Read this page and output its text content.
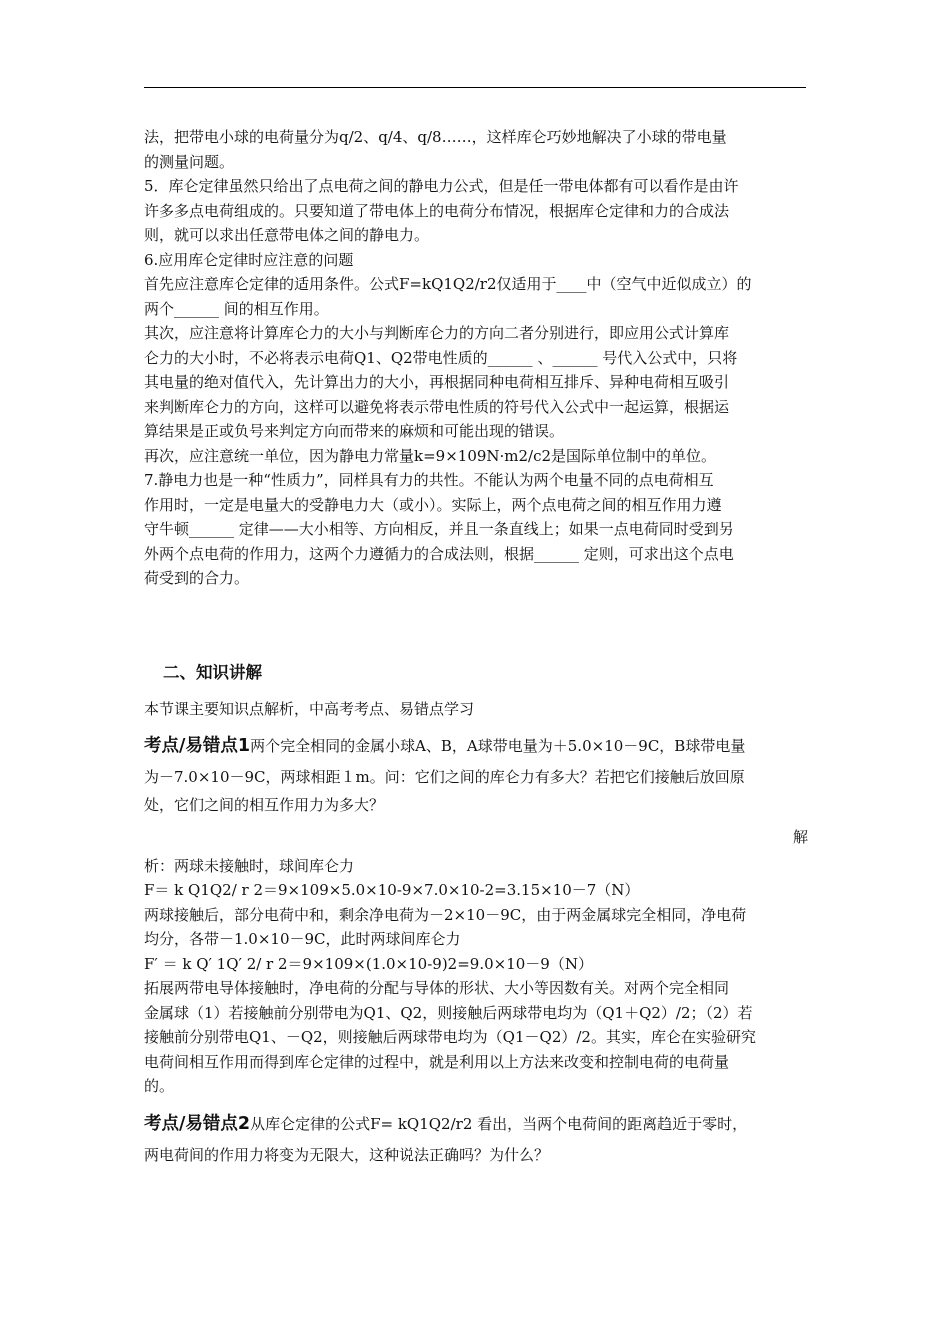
法，把带电小球的电荷量分为q/2、q/4、q/8……，这样库仑巧妙地解决了小球的带电量

的测量问题。

5．库仑定律虽然只给出了点电荷之间的静电力公式，但是任一带电体都有可以看作是由许

许多多点电荷组成的。只要知道了带电体上的电荷分布情况，根据库仑定律和力的合成法

则，就可以求出任意带电体之间的静电力。

6.应用库仑定律时应注意的问题

首先应注意库仑定律的适用条件。公式F=kQ1Q2/r2仅适用于____中（空气中近似成立）的

两个______ 间的相互作用。

其次，应注意将计算库仑力的大小与判断库仑力的方向二者分别进行，即应用公式计算库

仑力的大小时，不必将表示电荷Q1、Q2带电性质的______ 、______ 号代入公式中，只将

其电量的绝对值代入，先计算出力的大小，再根据同种电荷相互排斥、异种电荷相互吸引

来判断库仑力的方向，这样可以避免将表示带电性质的符号代入公式中一起运算，根据运

算结果是正或负号来判定方向而带来的麻烦和可能出现的错误。

再次，应注意统一单位，因为静电力常量k=9×109N·m2/c2是国际单位制中的单位。

7.静电力也是一种“性质力”，同样具有力的共性。不能认为两个电量不同的点电荷相互

作用时，一定是电量大的受静电力大（或小）。实际上，两个点电荷之间的相互作用力遵

守牛顿______ 定律——大小相等、方向相反，并且一条直线上；如果一点电荷同时受到另

外两个点电荷的作用力，这两个力遵循力的合成法则，根据______ 定则，可求出这个点电

荷受到的合力。

二、知识讲解

本节课主要知识点解析，中高考考点、易错点学习

考点/易错点1两个完全相同的金属小球A、B，A球带电量为＋5.0×10－9C，B球带电量

为－7.0×10－9C，两球相距１m。问：它们之间的库仑力有多大？若把它们接触后放回原

处，它们之间的相互作用力为多大？

解

析：两球未接触时，球间库仑力

F＝ k Q1Q2/ r 2＝9×109×5.0×10-9×7.0×10-2=3.15×10－7（N）

两球接触后，部分电荷中和，剩余净电荷为－2×10－9C，由于两金属球完全相同，净电荷

均分，各带－1.0×10－9C，此时两球间库仑力

F′ ＝ k Q′ 1Q′ 2/ r 2＝9×109×(1.0×10-9)2=9.0×10－9（N）

拓展两带电导体接触时，净电荷的分配与导体的形状、大小等因数有关。对两个完全相同

金属球（1）若接触前分别带电为Q1、Q2，则接触后两球带电均为（Q1＋Q2）/2；（2）若

接触前分别带电Q1、－Q2，则接触后两球带电均为（Q1－Q2）/2。其实，库仑在实验研究

电荷间相互作用而得到库仑定律的过程中，就是利用以上方法来改变和控制电荷的电荷量

的。

考点/易错点2从库仑定律的公式F= kQ1Q2/r2 看出，当两个电荷间的距离趋近于零时，

两电荷间的作用力将变为无限大，这种说法正确吗？为什么？
